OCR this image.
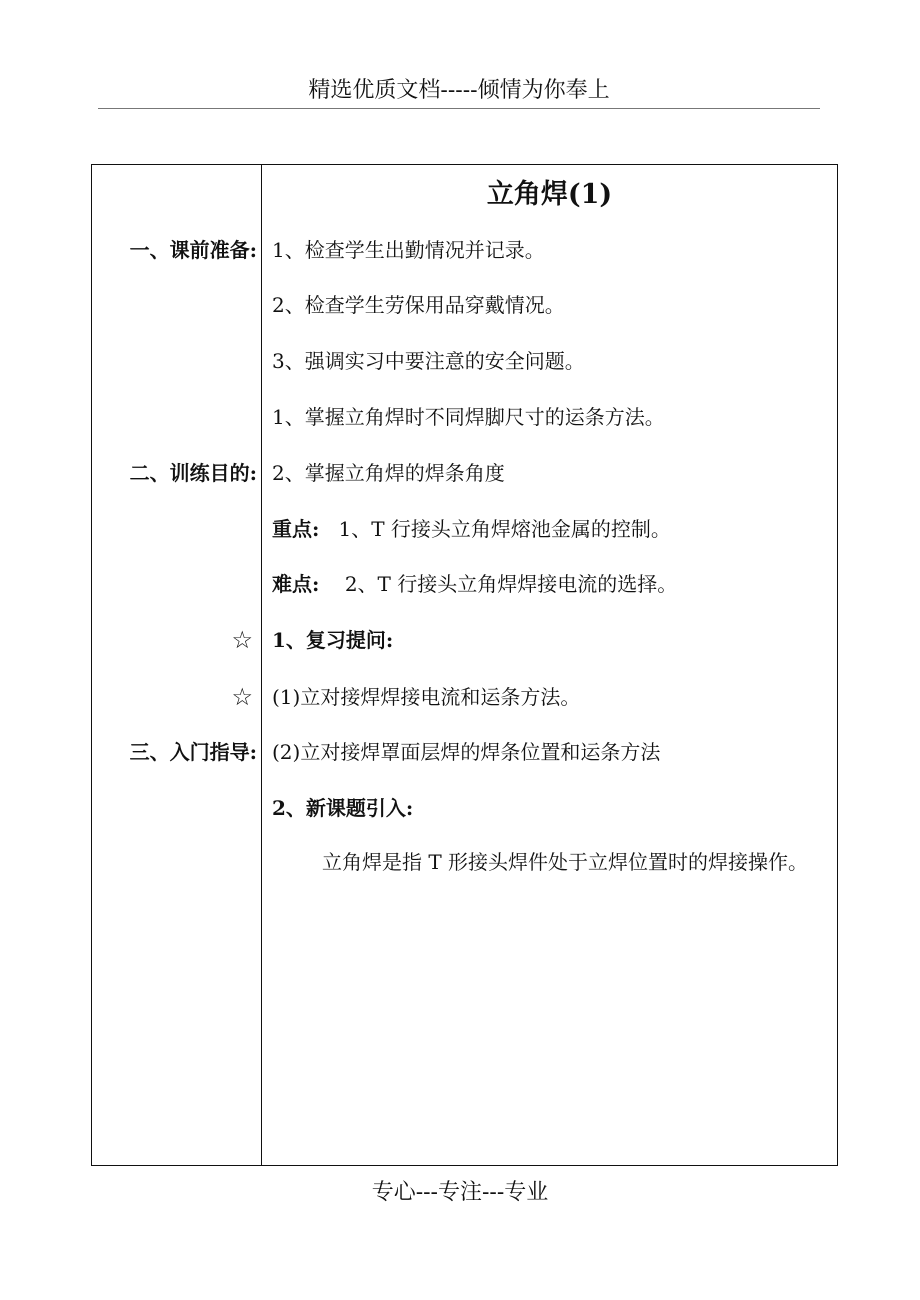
精选优质文档-----倾情为你奉上
立角焊(1)
一、课前准备:
二、训练目的:
☆
☆
三、入门指导:
1、检查学生出勤情况并记录。
2、检查学生劳保用品穿戴情况。
3、强调实习中要注意的安全问题。
1、掌握立角焊时不同焊脚尺寸的运条方法。
2、掌握立角焊的焊条角度
重点: 1、T 行接头立角焊熔池金属的控制。
难点: 2、T 行接头立角焊焊接电流的选择。
1、复习提问:
(1)立对接焊焊接电流和运条方法。
(2)立对接焊罩面层焊的焊条位置和运条方法
2、新课题引入:
立角焊是指 T 形接头焊件处于立焊位置时的焊接操作。
专心---专注---专业
